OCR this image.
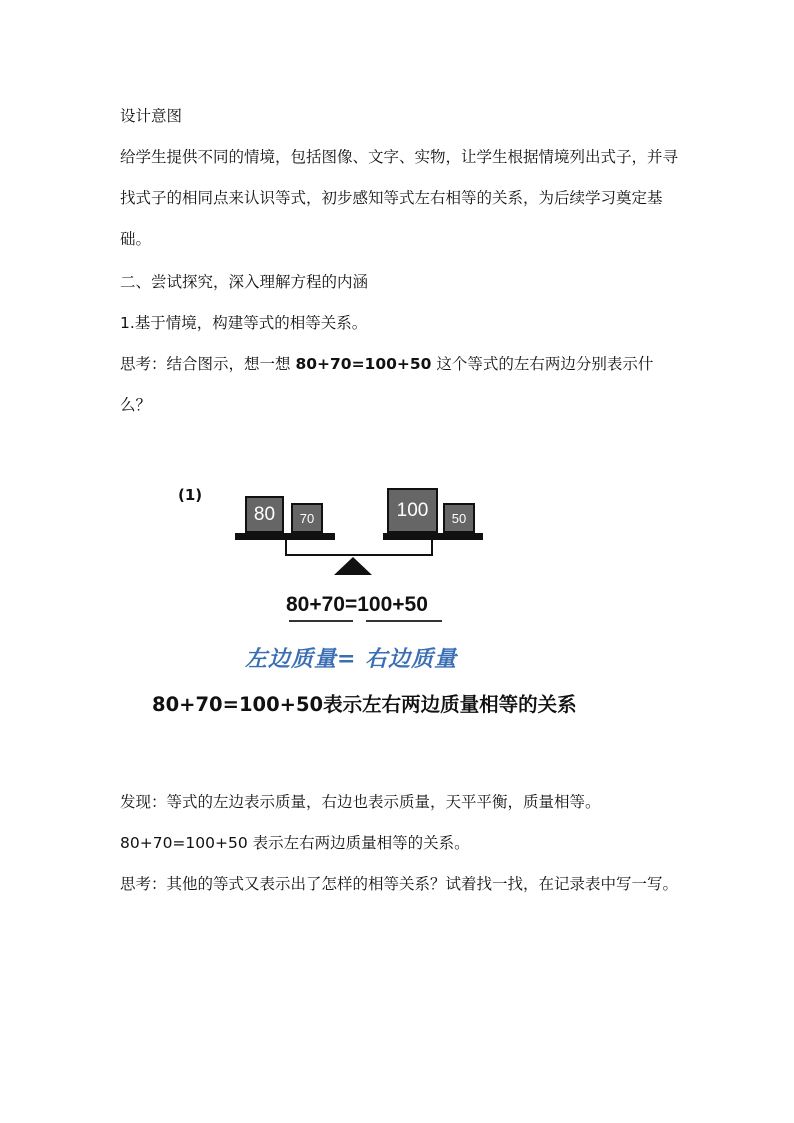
设计意图

给学生提供不同的情境，包括图像、文字、实物，让学生根据情境列出式子，并寻找式子的相同点来认识等式，初步感知等式左右相等的关系，为后续学习奠定基础。

二、尝试探究，深入理解方程的内涵

1.基于情境，构建等式的相等关系。

思考：结合图示，想一想 80+70=100+50 这个等式的左右两边分别表示什么？

(1)
80	70	100	50
80+70=100+50
左边质量= 右边质量
80+70=100+50表示左右两边质量相等的关系

发现：等式的左边表示质量，右边也表示质量，天平平衡，质量相等。

80+70=100+50 表示左右两边质量相等的关系。

思考：其他的等式又表示出了怎样的相等关系？试着找一找，在记录表中写一写。
